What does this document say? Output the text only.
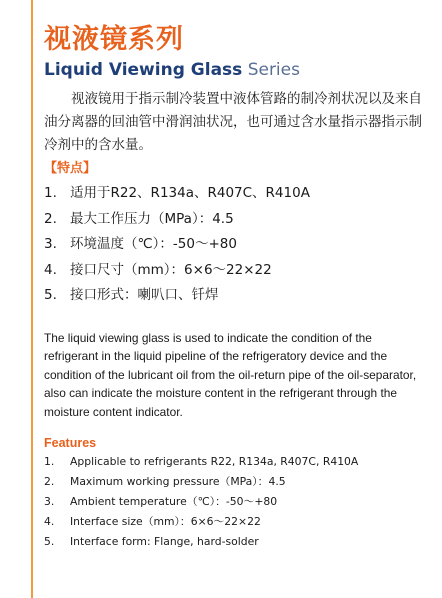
视液镜系列
Liquid Viewing Glass Series
视液镜用于指示制冷装置中液体管路的制冷剂状况以及来自油分离器的回油管中滑润油状况，也可通过含水量指示器指示制冷剂中的含水量。
【特点】
1. 适用于R22、R134a、R407C、R410A
2. 最大工作压力（MPa）：4.5
3. 环境温度（℃）：-50～+80
4. 接口尺寸（mm）：6×6～22×22
5. 接口形式：喇叭口、钎焊
The liquid viewing glass is used to indicate the condition of the refrigerant in the liquid pipeline of the refrigeratory device and the condition of the lubricant oil from the oil-return pipe of the oil-separator, also can indicate the moisture content in the refrigerant through the moisture content indicator.
Features
1.	Applicable to refrigerants R22, R134a, R407C, R410A
2.	Maximum working pressure（MPa）：4.5
3.	Ambient temperature（℃）：-50～+80
4.	Interface size（mm）：6×6～22×22
5.	Interface form: Flange, hard-solder
